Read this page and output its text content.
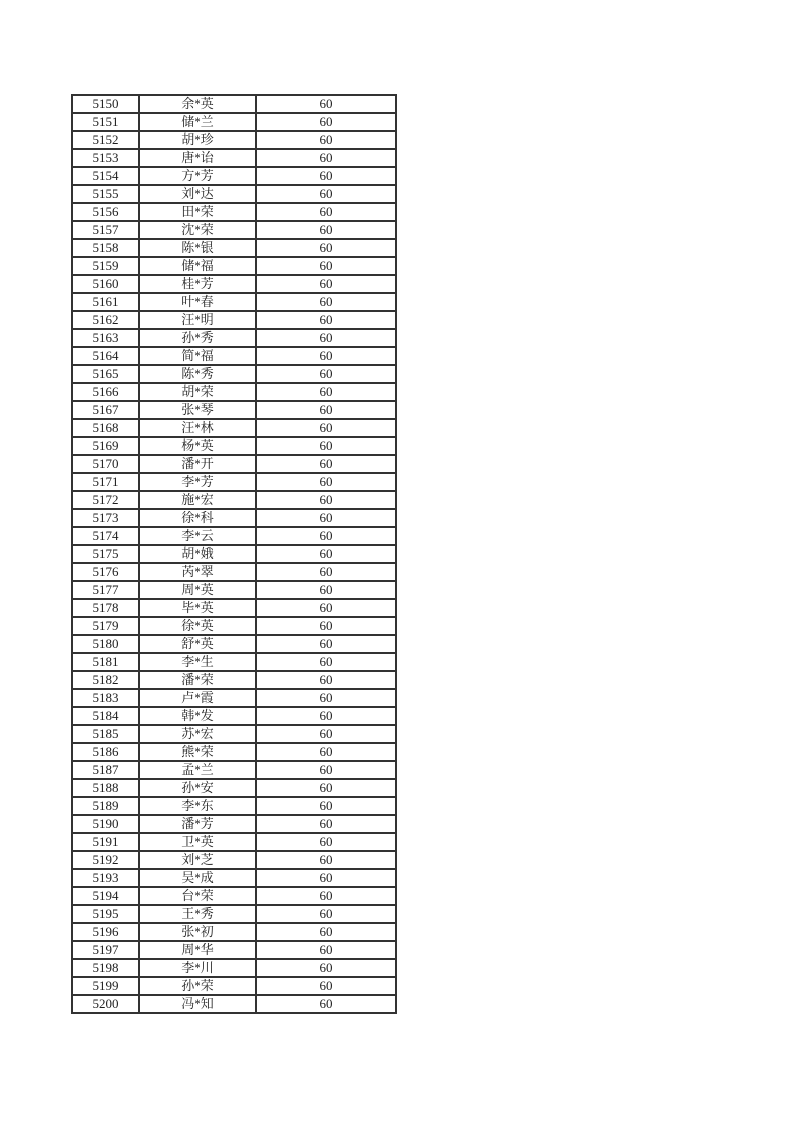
5150	余*英	60
5151	储*兰	60
5152	胡*珍	60
5153	唐*诒	60
5154	方*芳	60
5155	刘*达	60
5156	田*荣	60
5157	沈*荣	60
5158	陈*银	60
5159	储*福	60
5160	桂*芳	60
5161	叶*春	60
5162	汪*明	60
5163	孙*秀	60
5164	简*福	60
5165	陈*秀	60
5166	胡*荣	60
5167	张*琴	60
5168	汪*林	60
5169	杨*英	60
5170	潘*开	60
5171	李*芳	60
5172	施*宏	60
5173	徐*科	60
5174	李*云	60
5175	胡*娥	60
5176	芮*翠	60
5177	周*英	60
5178	毕*英	60
5179	徐*英	60
5180	舒*英	60
5181	李*生	60
5182	潘*荣	60
5183	卢*霞	60
5184	韩*发	60
5185	苏*宏	60
5186	熊*荣	60
5187	孟*兰	60
5188	孙*安	60
5189	李*东	60
5190	潘*芳	60
5191	卫*英	60
5192	刘*芝	60
5193	吴*成	60
5194	台*荣	60
5195	王*秀	60
5196	张*初	60
5197	周*华	60
5198	李*川	60
5199	孙*荣	60
5200	冯*知	60
